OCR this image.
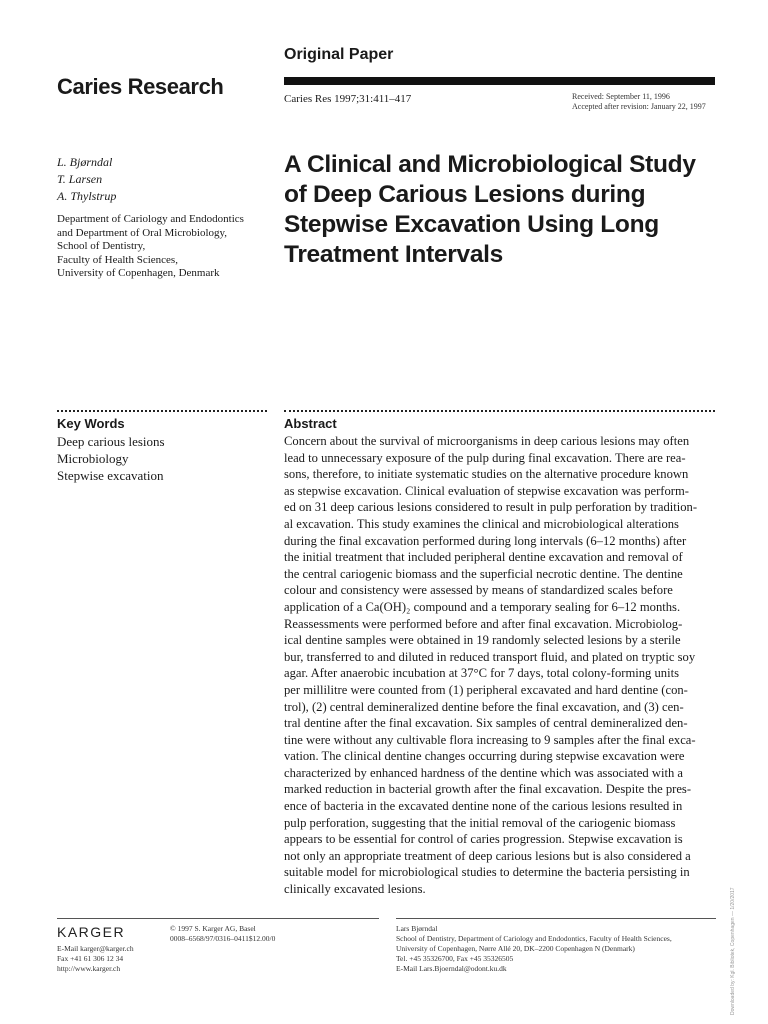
Original Paper
Caries Research	Caries Res 1997;31:411–417	Received: September 11, 1996
Accepted after revision: January 22, 1997
L. Bjørndal
T. Larsen
A. Thylstrup
Department of Cariology and Endodontics
and Department of Oral Microbiology,
School of Dentistry,
Faculty of Health Sciences,
University of Copenhagen, Denmark
A Clinical and Microbiological Study
of Deep Carious Lesions during
Stepwise Excavation Using Long
Treatment Intervals
Key Words
Deep carious lesions
Microbiology
Stepwise excavation
Abstract
Concern about the survival of microorganisms in deep carious lesions may often
lead to unnecessary exposure of the pulp during final excavation. There are rea-
sons, therefore, to initiate systematic studies on the alternative procedure known
as stepwise excavation. Clinical evaluation of stepwise excavation was perform-
ed on 31 deep carious lesions considered to result in pulp perforation by tradition-
al excavation. This study examines the clinical and microbiological alterations
during the final excavation performed during long intervals (6–12 months) after
the initial treatment that included peripheral dentine excavation and removal of
the central cariogenic biomass and the superficial necrotic dentine. The dentine
colour and consistency were assessed by means of standardized scales before
application of a Ca(OH)₂ compound and a temporary sealing for 6–12 months.
Reassessments were performed before and after final excavation. Microbiolog-
ical dentine samples were obtained in 19 randomly selected lesions by a sterile
bur, transferred to and diluted in reduced transport fluid, and plated on tryptic soy
agar. After anaerobic incubation at 37°C for 7 days, total colony-forming units
per millilitre were counted from (1) peripheral excavated and hard dentine (con-
trol), (2) central demineralized dentine before the final excavation, and (3) cen-
tral dentine after the final excavation. Six samples of central demineralized den-
tine were without any cultivable flora increasing to 9 samples after the final exca-
vation. The clinical dentine changes occurring during stepwise excavation were
characterized by enhanced hardness of the dentine which was associated with a
marked reduction in bacterial growth after the final excavation. Despite the pres-
ence of bacteria in the excavated dentine none of the carious lesions resulted in
pulp perforation, suggesting that the initial removal of the cariogenic biomass
appears to be essential for control of caries progression. Stepwise excavation is
not only an appropriate treatment of deep carious lesions but is also considered a
suitable model for microbiological studies to determine the bacteria persisting in
clinically excavated lesions.
KARGER
E-Mail karger@karger.ch
Fax +41 61 306 12 34
http://www.karger.ch
© 1997 S. Karger AG, Basel
0008–6568/97/0316–0411$12.00/0
Lars Bjørndal
School of Dentistry, Department of Cariology and Endodontics, Faculty of Health Sciences,
University of Copenhagen, Nørre Allé 20, DK–2200 Copenhagen N (Denmark)
Tel. +45 35326700, Fax +45 35326505
E-Mail Lars.Bjoerndal@odont.ku.dk	Downloaded by: Kgl. Bibliotek, Copenhagen — 1/20/2017
